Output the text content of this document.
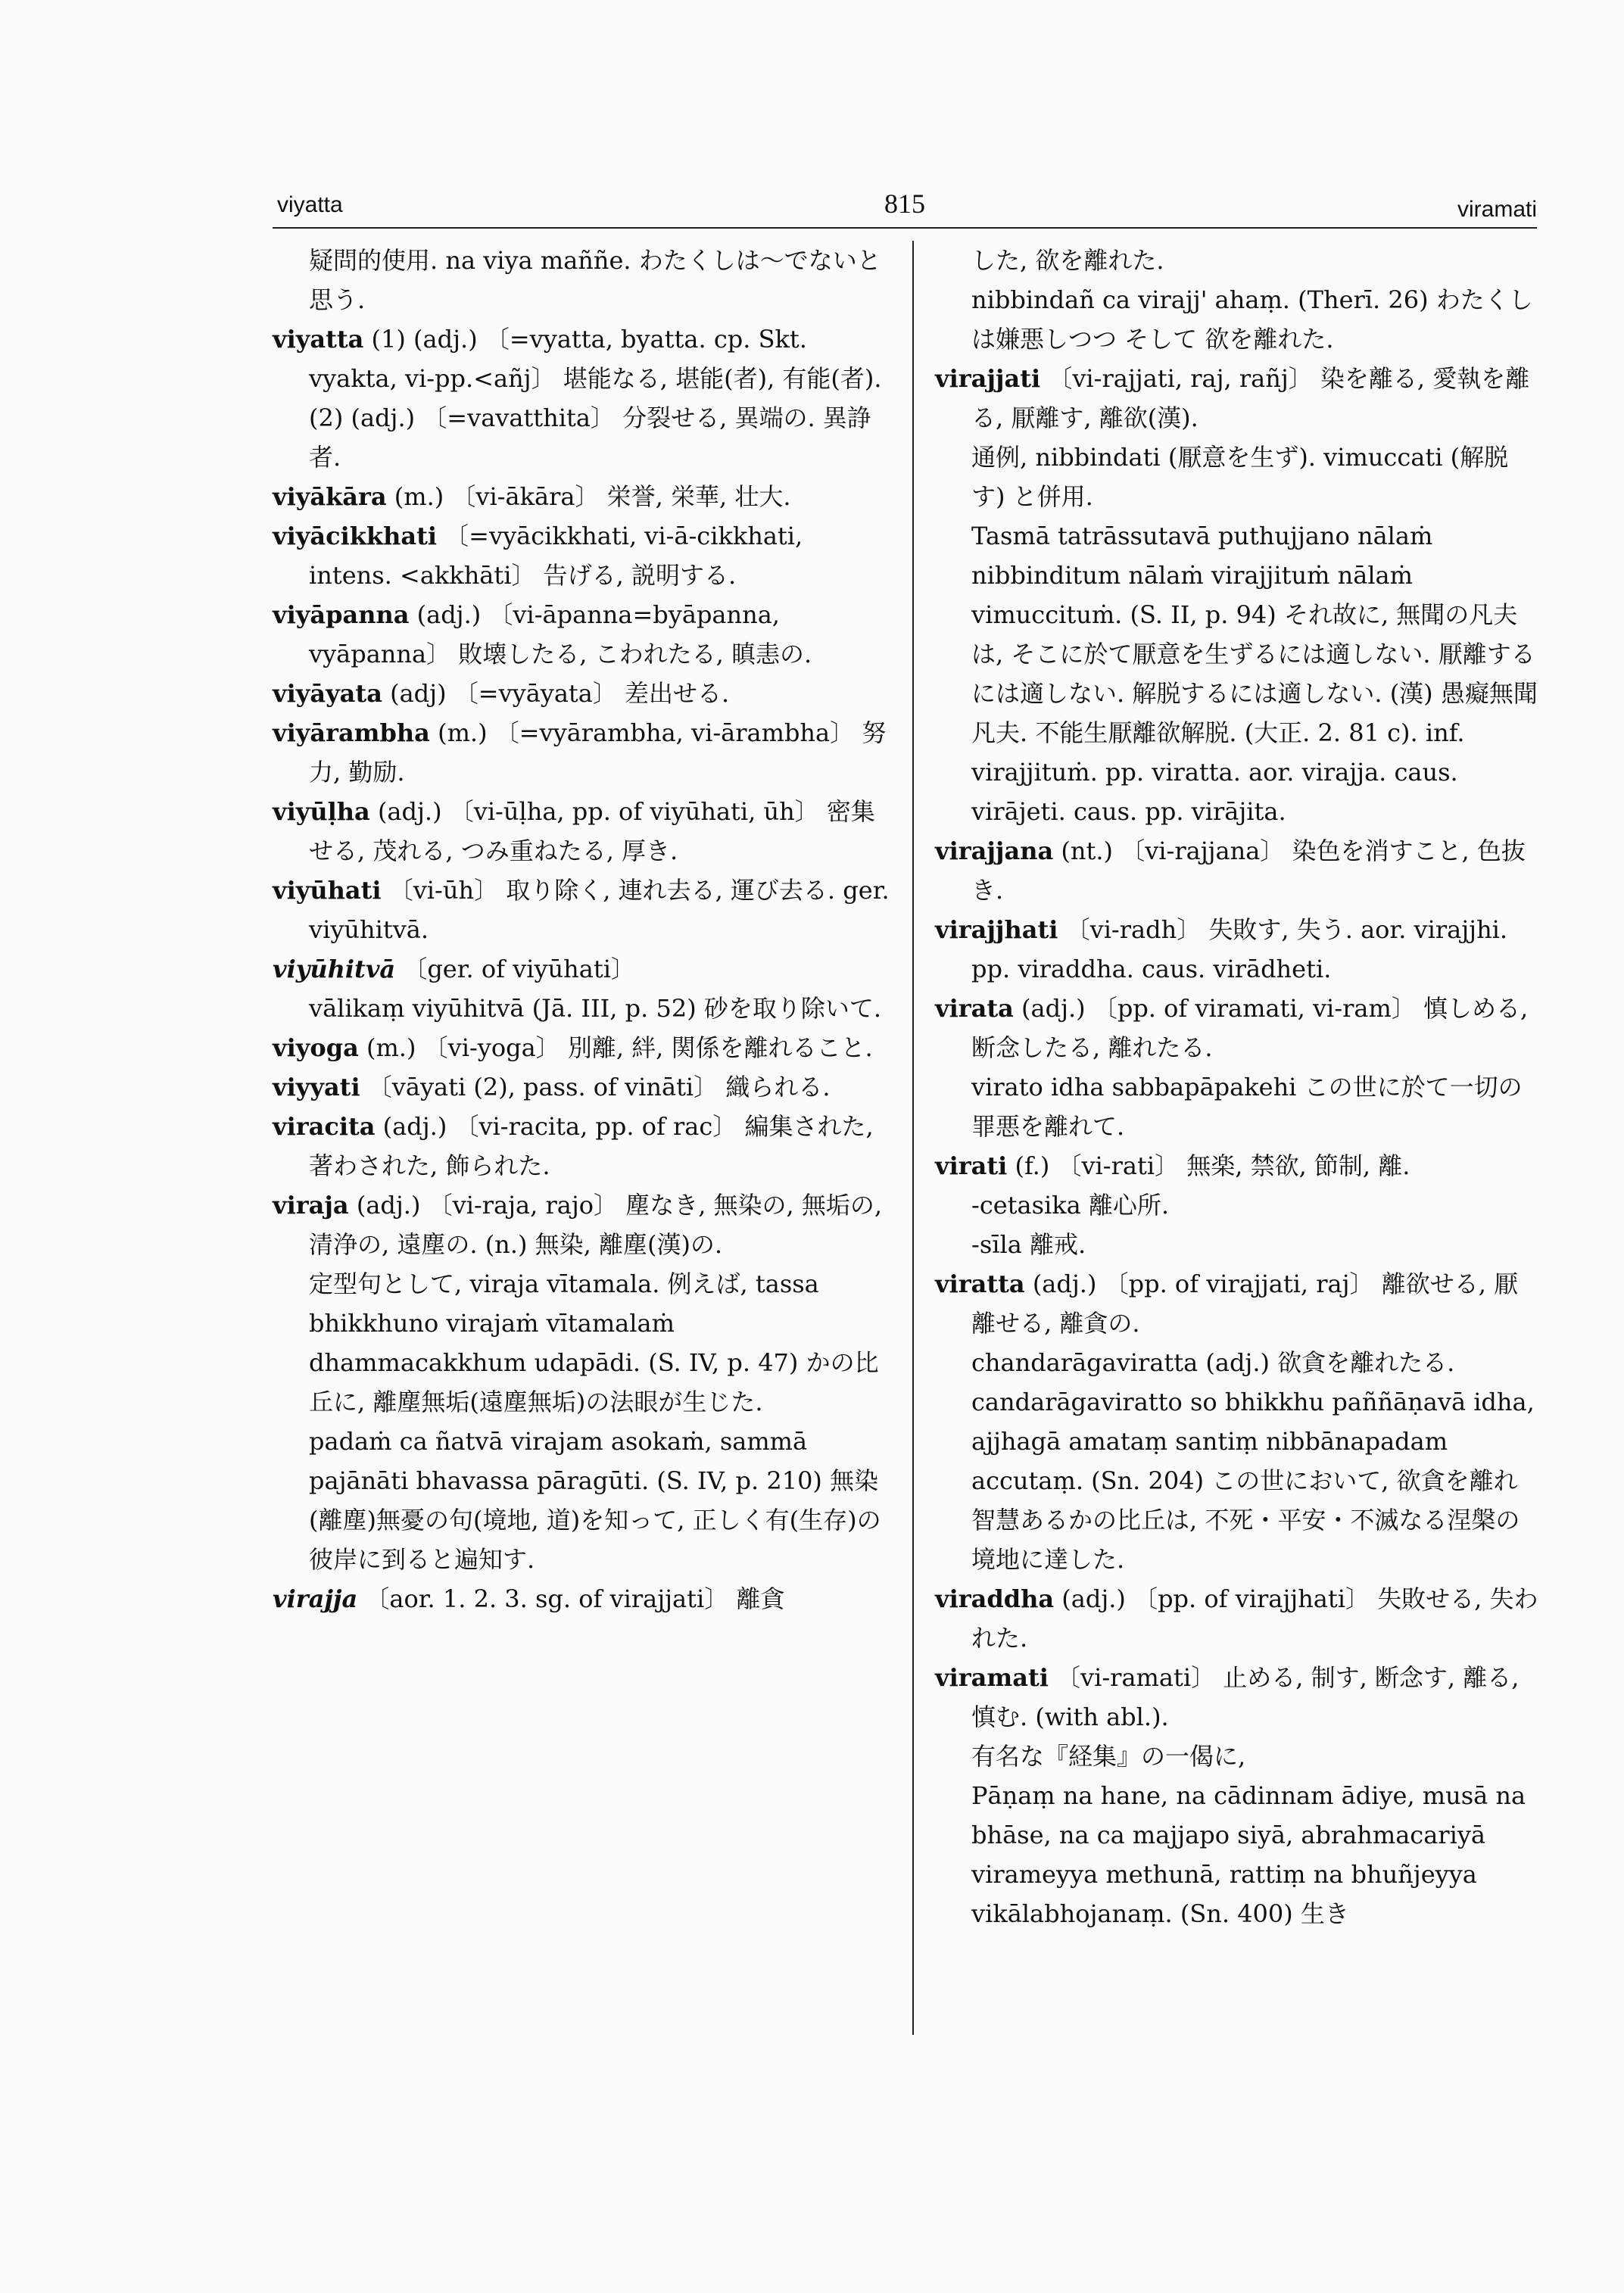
viyatta	815	viramati

疑問的使用. na viya maññe. わたくしは〜でないと思う.

viyatta (1) (adj.) 〔=vyatta, byatta. cp. Skt. vyakta, vi-pp.<añj〕 堪能なる, 堪能(者), 有能(者).

(2) (adj.) 〔=vavatthita〕 分裂せる, 異端の. 異諍者.

viyākāra (m.) 〔vi-ākāra〕 栄誉, 栄華, 壮大.

viyācikkhati 〔=vyācikkhati, vi-ā-cikkhati, intens. <akkhāti〕 告げる, 説明する.

viyāpanna (adj.) 〔vi-āpanna=byāpanna, vyāpanna〕 敗壊したる, こわれたる, 瞋恚の.

viyāyata (adj) 〔=vyāyata〕 差出せる.

viyārambha (m.) 〔=vyārambha, vi-ārambha〕 努力, 勤励.

viyūḷha (adj.) 〔vi-ūḷha, pp. of viyūhati, ūh〕 密集せる, 茂れる, つみ重ねたる, 厚き.

viyūhati 〔vi-ūh〕 取り除く, 連れ去る, 運び去る. ger. viyūhitvā.

viyūhitvā 〔ger. of viyūhati〕

vālikaṃ viyūhitvā (Jā. III, p. 52) 砂を取り除いて.

viyoga (m.) 〔vi-yoga〕 別離, 絆, 関係を離れること.

viyyati 〔vāyati (2), pass. of vināti〕 織られる.

viracita (adj.) 〔vi-racita, pp. of rac〕 編集された, 著わされた, 飾られた.

viraja (adj.) 〔vi-raja, rajo〕 塵なき, 無染の, 無垢の, 清浄の, 遠塵の. (n.) 無染, 離塵(漢)の.

定型句として, viraja vītamala. 例えば, tassa bhikkhuno virajaṁ vītamalaṁ dhammacakkhum udapādi. (S. IV, p. 47) かの比丘に, 離塵無垢(遠塵無垢)の法眼が生じた.

padaṁ ca ñatvā virajam asokaṁ, sammā pajānāti bhavassa pāragūti. (S. IV, p. 210) 無染(離塵)無憂の句(境地, 道)を知って, 正しく有(生存)の彼岸に到ると遍知す.

virajja 〔aor. 1. 2. 3. sg. of virajjati〕 離貪

した, 欲を離れた.

nibbindañ ca virajj' ahaṃ. (Therī. 26) わたくしは嫌悪しつつ そして 欲を離れた.

virajjati 〔vi-rajjati, raj, rañj〕 染を離る, 愛執を離る, 厭離す, 離欲(漢).

通例, nibbindati (厭意を生ず). vimuccati (解脱す) と併用.

Tasmā tatrāssutavā puthujjano nālaṁ nibbinditum nālaṁ virajjituṁ nālaṁ vimuccituṁ. (S. II, p. 94) それ故に, 無聞の凡夫は, そこに於て厭意を生ずるには適しない. 厭離するには適しない. 解脱するには適しない. (漢) 愚癡無聞凡夫. 不能生厭離欲解脱. (大正. 2. 81 c). inf. virajjituṁ. pp. viratta. aor. virajja. caus. virājeti. caus. pp. virājita.

virajjana (nt.) 〔vi-rajjana〕 染色を消すこと, 色抜き.

virajjhati 〔vi-radh〕 失敗す, 失う. aor. virajjhi. pp. viraddha. caus. virādheti.

virata (adj.) 〔pp. of viramati, vi-ram〕 慎しめる, 断念したる, 離れたる.

virato idha sabbapāpakehi この世に於て一切の罪悪を離れて.

virati (f.) 〔vi-rati〕 無楽, 禁欲, 節制, 離.

-cetasika 離心所.

-sīla 離戒.

viratta (adj.) 〔pp. of virajjati, raj〕 離欲せる, 厭離せる, 離貪の.

chandarāgaviratta (adj.) 欲貪を離れたる.

candarāgaviratto so bhikkhu paññāṇavā idha, ajjhagā amataṃ santiṃ nibbānapadam accutaṃ. (Sn. 204) この世において, 欲貪を離れ智慧あるかの比丘は, 不死・平安・不滅なる涅槃の境地に達した.

viraddha (adj.) 〔pp. of virajjhati〕 失敗せる, 失われた.

viramati 〔vi-ramati〕 止める, 制す, 断念す, 離る, 慎む. (with abl.).

有名な『経集』の一偈に,

Pāṇaṃ na hane, na cādinnam ādiye, musā na bhāse, na ca majjapo siyā, abrahmacariyā virameyya methunā, rattiṃ na bhuñjeyya vikālabhojanaṃ. (Sn. 400) 生き
